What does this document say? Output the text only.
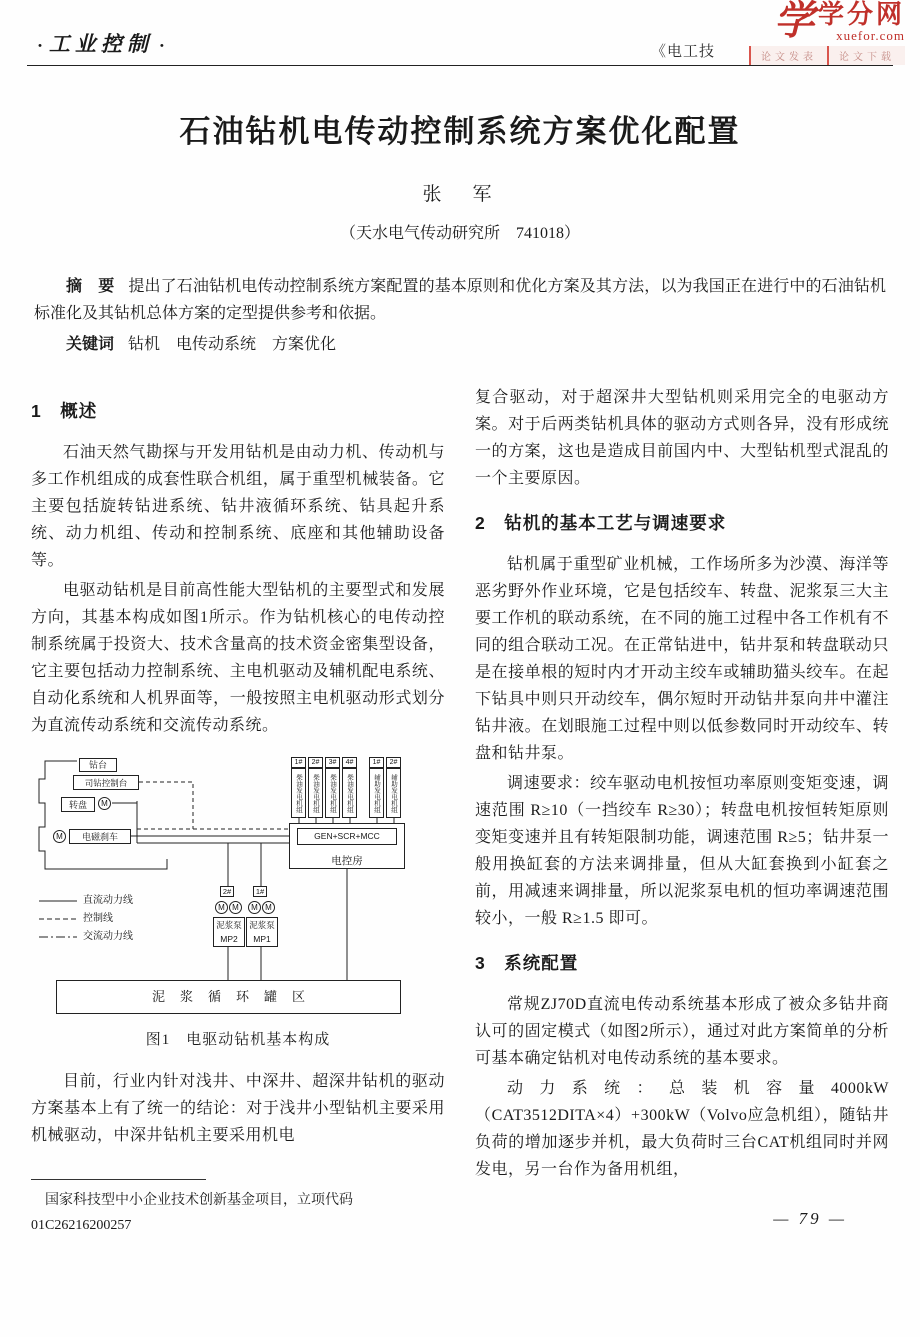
• 工业控制 •	《电工技
学 学分网
xuefor.com
论文发表	论文下载
石油钻机电传动控制系统方案优化配置
张　军
（天水电气传动研究所　741018）

摘　要 提出了石油钻机电传动控制系统方案配置的基本原则和优化方案及其方法，以为我国正在进行中的石油钻机标准化及其钻机总体方案的定型提供参考和依据。

关键词 钻机　电传动系统　方案优化

1　概述

石油天然气勘探与开发用钻机是由动力机、传动机与多工作机组成的成套性联合机组，属于重型机械装备。它主要包括旋转钻进系统、钻井液循环系统、钻具起升系统、动力机组、传动和控制系统、底座和其他辅助设备等。

电驱动钻机是目前高性能大型钻机的主要型式和发展方向，其基本构成如图1所示。作为钻机核心的电传动控制系统属于投资大、技术含量高的技术资金密集型设备，它主要包括动力控制系统、主电机驱动及辅机配电系统、自动化系统和人机界面等，一般按照主电机驱动形式划分为直流传动系统和交流传动系统。

钻台
司钻控制台
转盘
电磁刹车
M
M
1#	2#	3#	4#
柴油发电机组	柴油发电机组	柴油发电机组	柴油发电机组
1#	2#
辅助发电机组	辅助发电机组
GEN+SCR+MCC
电控房
直流动力线
控制线
交流动力线
2#	1#
M M	M M
泥浆泵
MP2
泥浆泵
MP1
泥浆循环罐区
图1　电驱动钻机基本构成

目前，行业内针对浅井、中深井、超深井钻机的驱动方案基本上有了统一的结论：对于浅井小型钻机主要采用机械驱动，中深井钻机主要采用机电

国家科技型中小企业技术创新基金项目，立项代码
01C26216200257

复合驱动，对于超深井大型钻机则采用完全的电驱动方案。对于后两类钻机具体的驱动方式则各异，没有形成统一的方案，这也是造成目前国内中、大型钻机型式混乱的一个主要原因。

2　钻机的基本工艺与调速要求

钻机属于重型矿业机械，工作场所多为沙漠、海洋等恶劣野外作业环境，它是包括绞车、转盘、泥浆泵三大主要工作机的联动系统，在不同的施工过程中各工作机有不同的组合联动工况。在正常钻进中，钻井泵和转盘联动只是在接单根的短时内才开动主绞车或辅助猫头绞车。在起下钻具中则只开动绞车，偶尔短时开动钻井泵向井中灌注钻井液。在划眼施工过程中则以低参数同时开动绞车、转盘和钻井泵。

调速要求：绞车驱动电机按恒功率原则变矩变速，调速范围 R≥10（一挡绞车 R≥30）；转盘电机按恒转矩原则变矩变速并且有转矩限制功能，调速范围 R≥5；钻井泵一般用换缸套的方法来调排量，但从大缸套换到小缸套之前，用减速来调排量，所以泥浆泵电机的恒功率调速范围较小，一般 R≥1.5 即可。

3　系统配置

常规ZJ70D直流电传动系统基本形成了被众多钻井商认可的固定模式（如图2所示），通过对此方案简单的分析可基本确定钻机对电传动系统的基本要求。

动力系统：总装机容量4000kW（CAT3512DITA×4）+300kW（Volvo应急机组），随钻井负荷的增加逐步并机，最大负荷时三台CAT机组同时并网发电，另一台作为备用机组，

— 79 —
